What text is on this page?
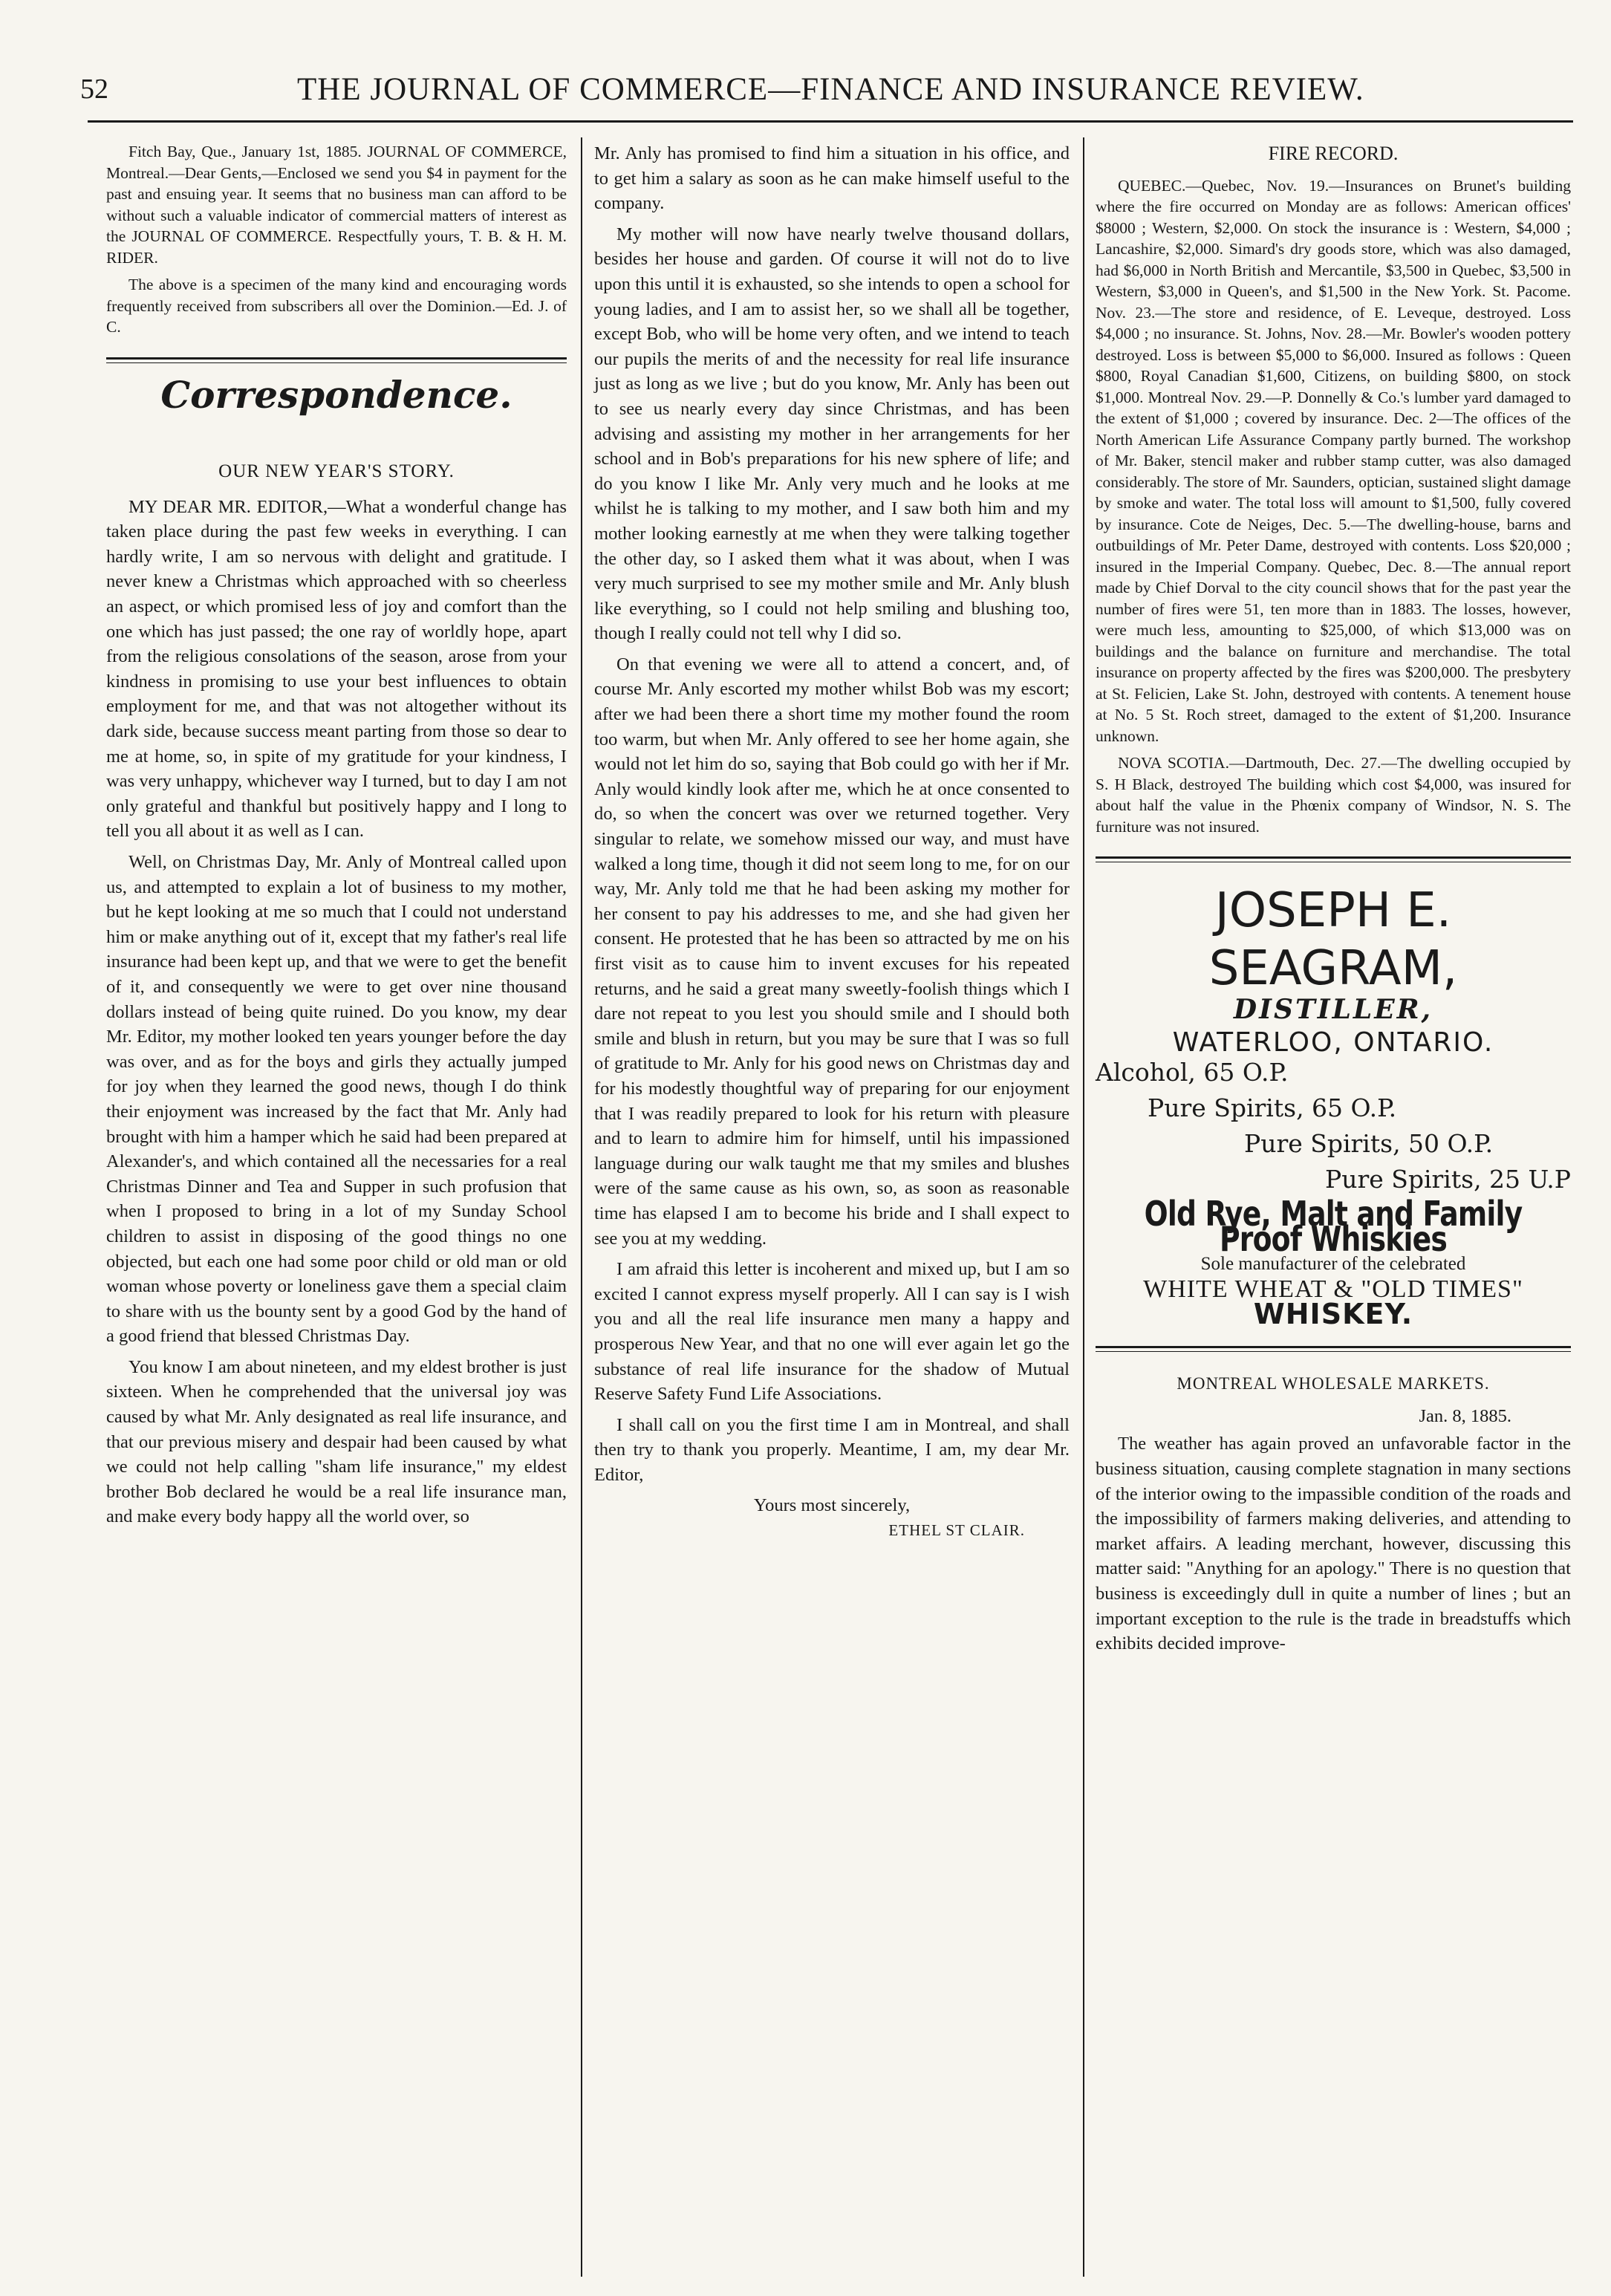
52	THE JOURNAL OF COMMERCE—FINANCE AND INSURANCE REVIEW.

Fitch Bay, Que., January 1st, 1885. JOURNAL OF COMMERCE, Montreal.—Dear Gents,—Enclosed we send you $4 in payment for the past and ensuing year. It seems that no business man can afford to be without such a valuable indicator of commercial matters of interest as the JOURNAL OF COMMERCE. Respectfully yours, T. B. & H. M. RIDER.

The above is a specimen of the many kind and encouraging words frequently received from subscribers all over the Dominion.—Ed. J. of C.

Correspondence.
OUR NEW YEAR'S STORY.

MY DEAR MR. EDITOR,—What a wonderful change has taken place during the past few weeks in everything. I can hardly write, I am so nervous with delight and gratitude. I never knew a Christmas which approached with so cheerless an aspect, or which promised less of joy and comfort than the one which has just passed; the one ray of worldly hope, apart from the religious consolations of the season, arose from your kindness in promising to use your best influences to obtain employment for me, and that was not altogether without its dark side, because success meant parting from those so dear to me at home, so, in spite of my gratitude for your kindness, I was very unhappy, whichever way I turned, but to day I am not only grateful and thankful but positively happy and I long to tell you all about it as well as I can.

Well, on Christmas Day, Mr. Anly of Montreal called upon us, and attempted to explain a lot of business to my mother, but he kept looking at me so much that I could not understand him or make anything out of it, except that my father's real life insurance had been kept up, and that we were to get the benefit of it, and consequently we were to get over nine thousand dollars instead of being quite ruined. Do you know, my dear Mr. Editor, my mother looked ten years younger before the day was over, and as for the boys and girls they actually jumped for joy when they learned the good news, though I do think their enjoyment was increased by the fact that Mr. Anly had brought with him a hamper which he said had been prepared at Alexander's, and which contained all the necessaries for a real Christmas Dinner and Tea and Supper in such profusion that when I proposed to bring in a lot of my Sunday School children to assist in disposing of the good things no one objected, but each one had some poor child or old man or old woman whose poverty or loneliness gave them a special claim to share with us the bounty sent by a good God by the hand of a good friend that blessed Christmas Day.

You know I am about nineteen, and my eldest brother is just sixteen. When he comprehended that the universal joy was caused by what Mr. Anly designated as real life insurance, and that our previous misery and despair had been caused by what we could not help calling "sham life insurance," my eldest brother Bob declared he would be a real life insurance man, and make every body happy all the world over, so

Mr. Anly has promised to find him a situation in his office, and to get him a salary as soon as he can make himself useful to the company.

My mother will now have nearly twelve thousand dollars, besides her house and garden. Of course it will not do to live upon this until it is exhausted, so she intends to open a school for young ladies, and I am to assist her, so we shall all be together, except Bob, who will be home very often, and we intend to teach our pupils the merits of and the necessity for real life insurance just as long as we live ; but do you know, Mr. Anly has been out to see us nearly every day since Christmas, and has been advising and assisting my mother in her arrangements for her school and in Bob's preparations for his new sphere of life; and do you know I like Mr. Anly very much and he looks at me whilst he is talking to my mother, and I saw both him and my mother looking earnestly at me when they were talking together the other day, so I asked them what it was about, when I was very much surprised to see my mother smile and Mr. Anly blush like everything, so I could not help smiling and blushing too, though I really could not tell why I did so.

On that evening we were all to attend a concert, and, of course Mr. Anly escorted my mother whilst Bob was my escort; after we had been there a short time my mother found the room too warm, but when Mr. Anly offered to see her home again, she would not let him do so, saying that Bob could go with her if Mr. Anly would kindly look after me, which he at once consented to do, so when the concert was over we returned together. Very singular to relate, we somehow missed our way, and must have walked a long time, though it did not seem long to me, for on our way, Mr. Anly told me that he had been asking my mother for her consent to pay his addresses to me, and she had given her consent. He protested that he has been so attracted by me on his first visit as to cause him to invent excuses for his repeated returns, and he said a great many sweetly-foolish things which I dare not repeat to you lest you should smile and I should both smile and blush in return, but you may be sure that I was so full of gratitude to Mr. Anly for his good news on Christmas day and for his modestly thoughtful way of preparing for our enjoyment that I was readily prepared to look for his return with pleasure and to learn to admire him for himself, until his impassioned language during our walk taught me that my smiles and blushes were of the same cause as his own, so, as soon as reasonable time has elapsed I am to become his bride and I shall expect to see you at my wedding.

I am afraid this letter is incoherent and mixed up, but I am so excited I cannot express myself properly. All I can say is I wish you and all the real life insurance men many a happy and prosperous New Year, and that no one will ever again let go the substance of real life insurance for the shadow of Mutual Reserve Safety Fund Life Associations.

I shall call on you the first time I am in Montreal, and shall then try to thank you properly. Meantime, I am, my dear Mr. Editor,

Yours most sincerely,
ETHEL ST CLAIR.
FIRE RECORD.

QUEBEC.—Quebec, Nov. 19.—Insurances on Brunet's building where the fire occurred on Monday are as follows: American offices' $8000 ; Western, $2,000. On stock the insurance is : Western, $4,000 ; Lancashire, $2,000. Simard's dry goods store, which was also damaged, had $6,000 in North British and Mercantile, $3,500 in Quebec, $3,500 in Western, $3,000 in Queen's, and $1,500 in the New York. St. Pacome. Nov. 23.—The store and residence, of E. Leveque, destroyed. Loss $4,000 ; no insurance. St. Johns, Nov. 28.—Mr. Bowler's wooden pottery destroyed. Loss is between $5,000 to $6,000. Insured as follows : Queen $800, Royal Canadian $1,600, Citizens, on building $800, on stock $1,000. Montreal Nov. 29.—P. Donnelly & Co.'s lumber yard damaged to the extent of $1,000 ; covered by insurance. Dec. 2—The offices of the North American Life Assurance Company partly burned. The workshop of Mr. Baker, stencil maker and rubber stamp cutter, was also damaged considerably. The store of Mr. Saunders, optician, sustained slight damage by smoke and water. The total loss will amount to $1,500, fully covered by insurance. Cote de Neiges, Dec. 5.—The dwelling-house, barns and outbuildings of Mr. Peter Dame, destroyed with contents. Loss $20,000 ; insured in the Imperial Company. Quebec, Dec. 8.—The annual report made by Chief Dorval to the city council shows that for the past year the number of fires were 51, ten more than in 1883. The losses, however, were much less, amounting to $25,000, of which $13,000 was on buildings and the balance on furniture and merchandise. The total insurance on property affected by the fires was $200,000. The presbytery at St. Felicien, Lake St. John, destroyed with contents. A tenement house at No. 5 St. Roch street, damaged to the extent of $1,200. Insurance unknown.

NOVA SCOTIA.—Dartmouth, Dec. 27.—The dwelling occupied by S. H Black, destroyed The building which cost $4,000, was insured for about half the value in the Phœnix company of Windsor, N. S. The furniture was not insured.

JOSEPH E. SEAGRAM,
DISTILLER,
WATERLOO, ONTARIO.
Alcohol, 65 O.P.
Pure Spirits, 65 O.P.
Pure Spirits, 50 O.P.
Pure Spirits, 25 U.P
Old Rye, Malt and Family Proof Whiskies
Sole manufacturer of the celebrated
WHITE WHEAT & "OLD TIMES"
WHISKEY.
MONTREAL WHOLESALE MARKETS.
Jan. 8, 1885.

The weather has again proved an unfavorable factor in the business situation, causing complete stagnation in many sections of the interior owing to the impassible condition of the roads and the impossibility of farmers making deliveries, and attending to market affairs. A leading merchant, however, discussing this matter said: "Anything for an apology." There is no question that business is exceedingly dull in quite a number of lines ; but an important exception to the rule is the trade in breadstuffs which exhibits decided improve-
